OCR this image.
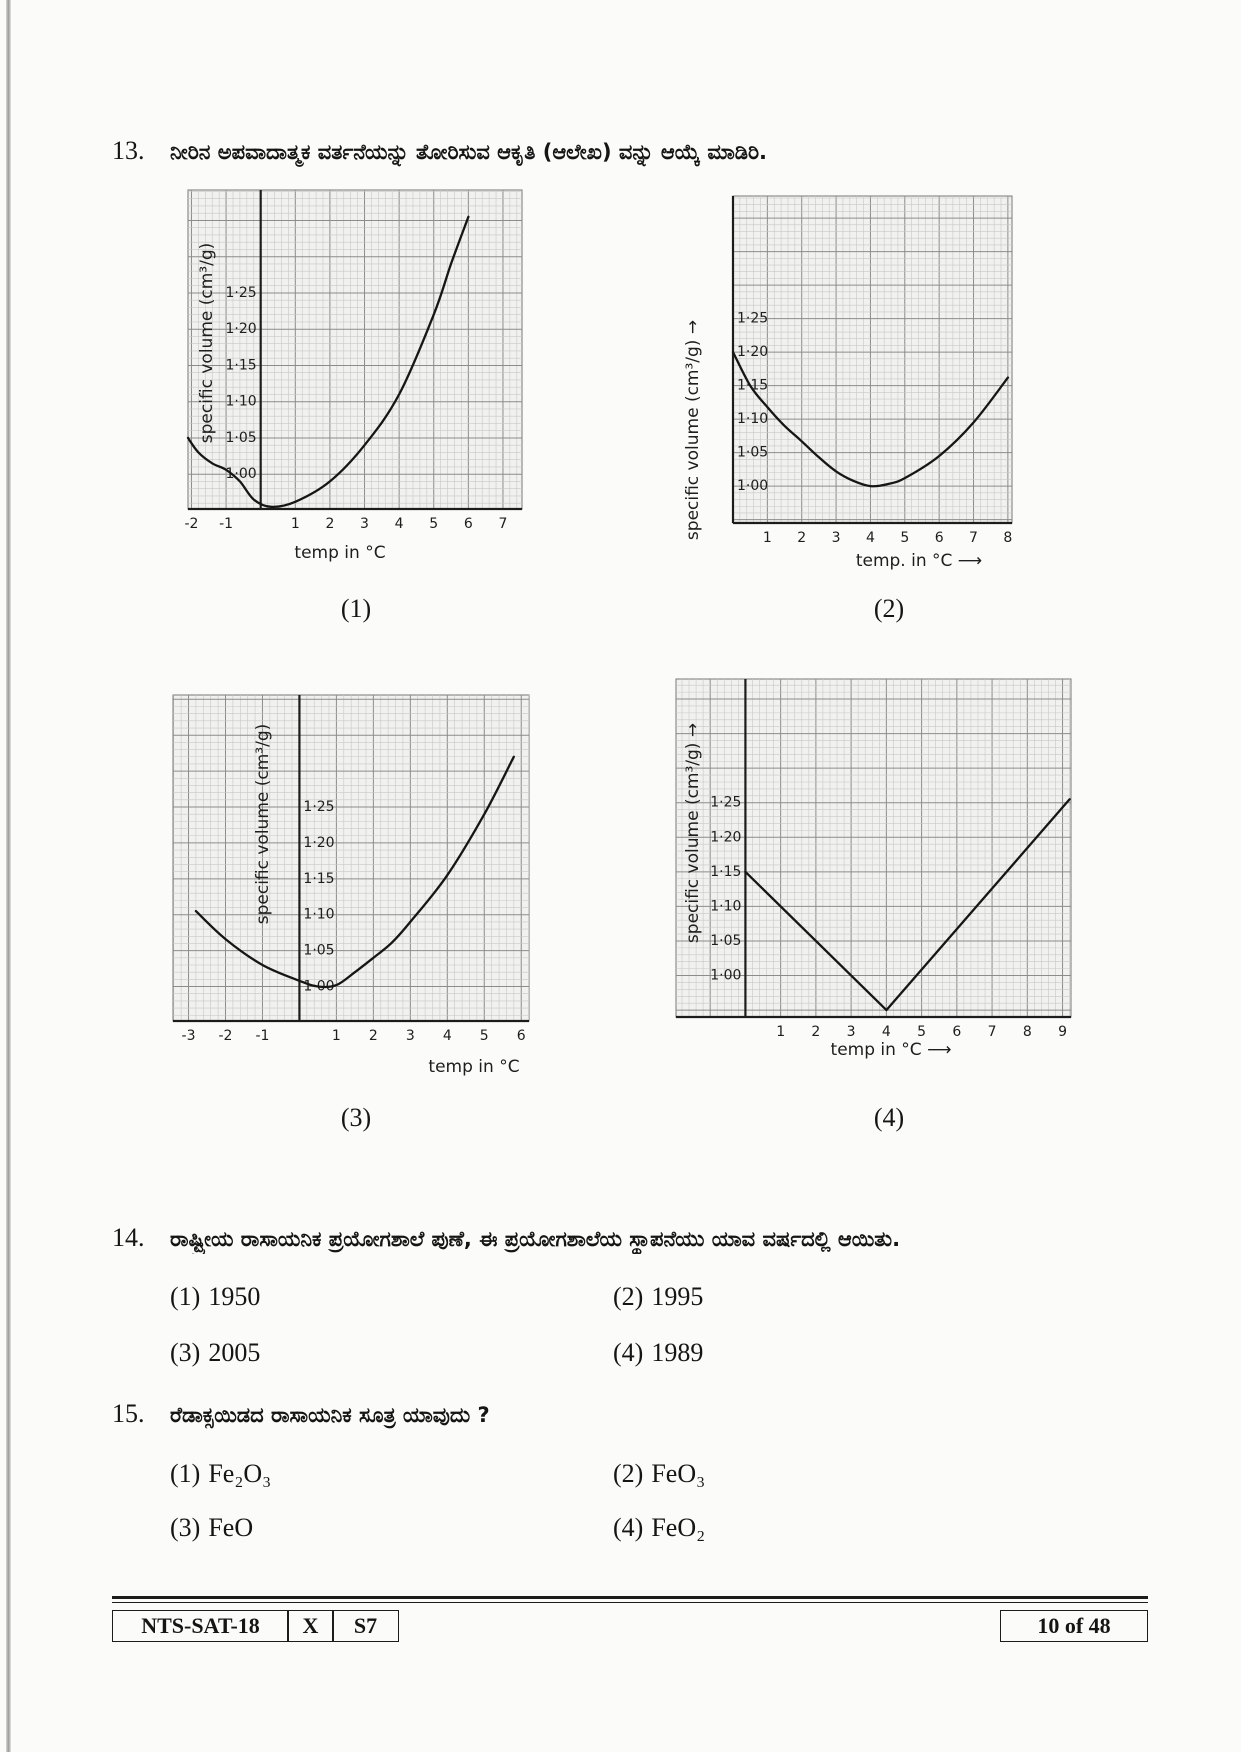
13. ನೀರಿನ ಅಪವಾದಾತ್ಮಕ ವರ್ತನೆಯನ್ನು ತೋರಿಸುವ ಆಕೃತಿ (ಆಲೇಖ) ವನ್ನು ಆಯ್ಕೆ ಮಾಡಿರಿ.
-2 -1	1 2 3 4 5 6 7
1·00
1·05
1·10
1·15
1·20
1·25
temp in °C
specific volume (cm³/g)
1 2 3 4 5 6 7 8
1·00
1·05
1·10
1·15
1·20
1·25
temp. in °C ⟶
specific volume (cm³/g) →
-3 -2 -1	1 2 3 4 5 6
1·00
1·05
1·10
1·15
1·20
1·25
temp in °C
specific volume (cm³/g)
1 2 3 4 5 6 7 8 9
1·00
1·05
1·10
1·15
1·20
1·25
temp in °C ⟶
specific volume (cm³/g) →
(1)	(2)
(3)	(4)
14. ರಾಷ್ಟ್ರೀಯ ರಾಸಾಯನಿಕ ಪ್ರಯೋಗಶಾಲೆ ಪುಣೆ, ಈ ಪ್ರಯೋಗಶಾಲೆಯ ಸ್ಥಾಪನೆಯು ಯಾವ ವರ್ಷದಲ್ಲಿ ಆಯಿತು.
(1) 1950	(2) 1995
(3) 2005	(4) 1989
15. ರೆಡಾಕ್ಸಯಿಡದ ರಾಸಾಯನಿಕ ಸೂತ್ರ ಯಾವುದು ?
(1) Fe₂O₃	(2) FeO₃
(3) FeO	(4) FeO₂
NTS-SAT-18	X	S7	10 of 48
